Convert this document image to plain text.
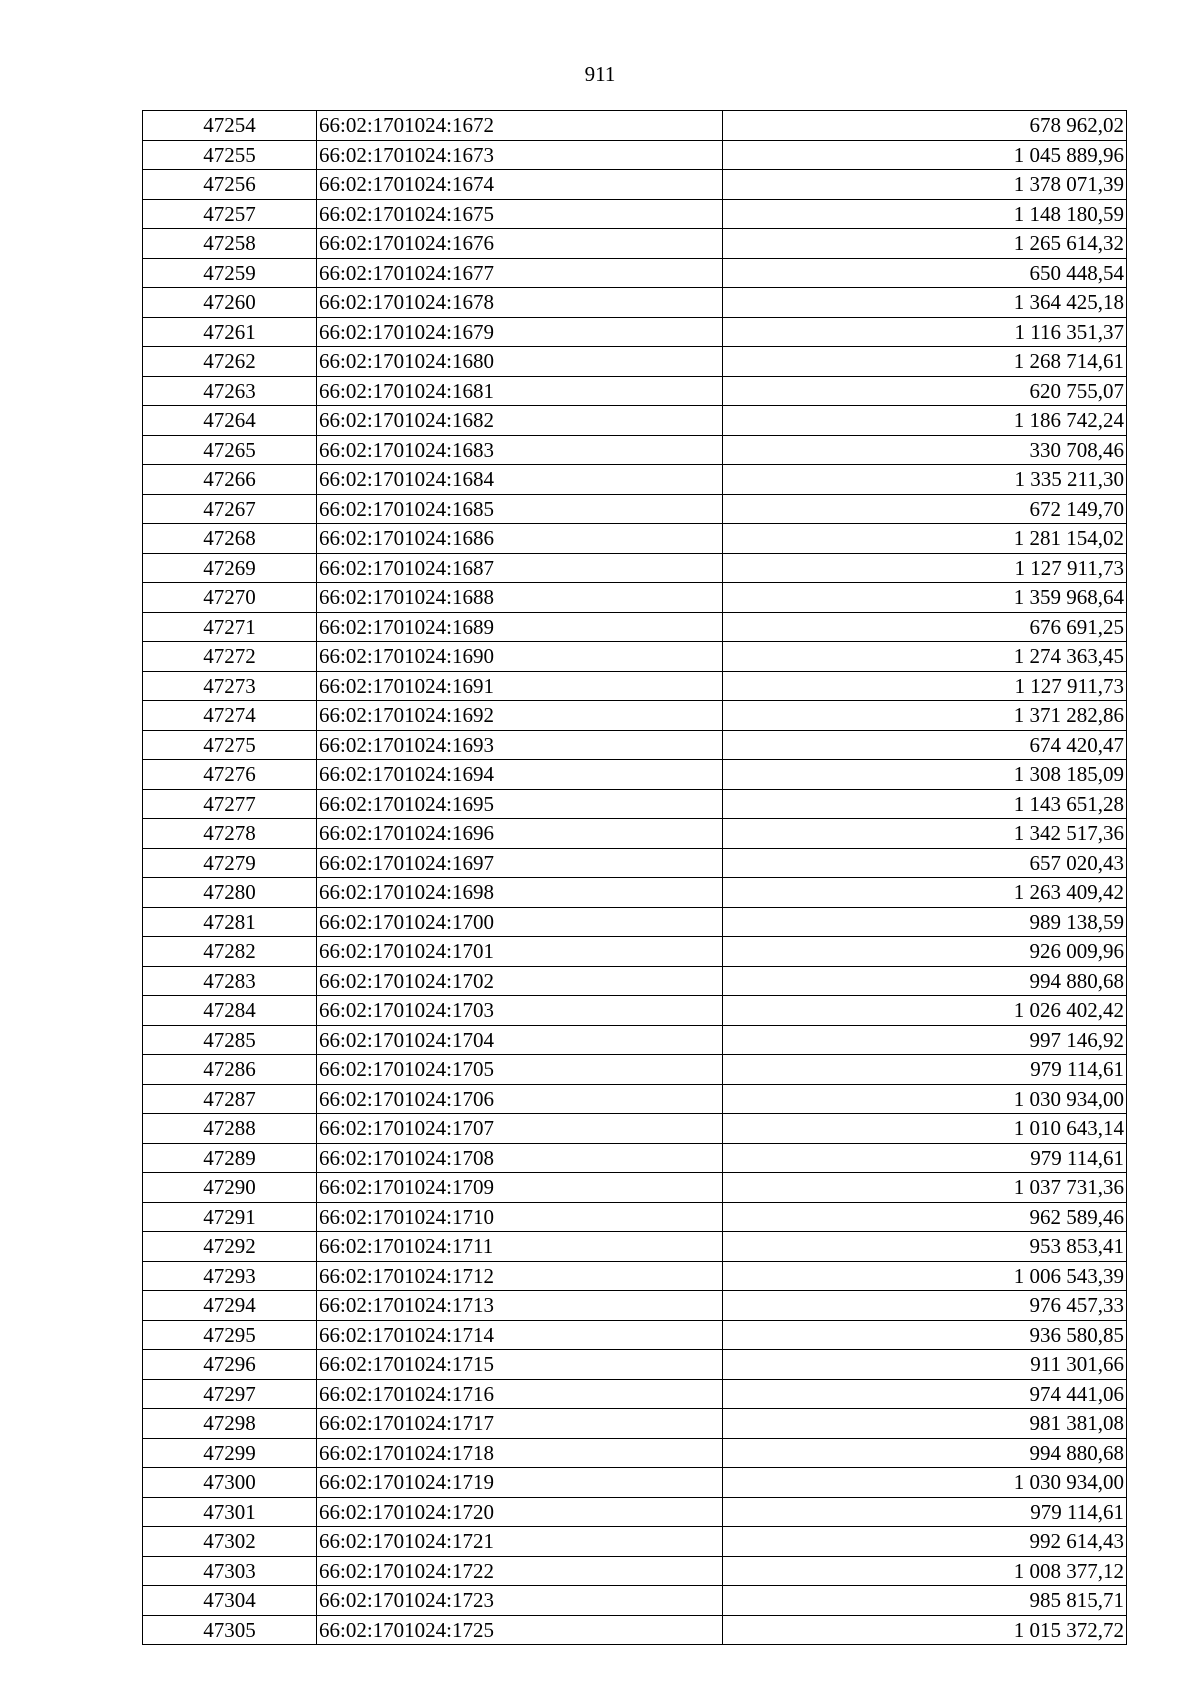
911
47254	66:02:1701024:1672	678 962,02
47255	66:02:1701024:1673	1 045 889,96
47256	66:02:1701024:1674	1 378 071,39
47257	66:02:1701024:1675	1 148 180,59
47258	66:02:1701024:1676	1 265 614,32
47259	66:02:1701024:1677	650 448,54
47260	66:02:1701024:1678	1 364 425,18
47261	66:02:1701024:1679	1 116 351,37
47262	66:02:1701024:1680	1 268 714,61
47263	66:02:1701024:1681	620 755,07
47264	66:02:1701024:1682	1 186 742,24
47265	66:02:1701024:1683	330 708,46
47266	66:02:1701024:1684	1 335 211,30
47267	66:02:1701024:1685	672 149,70
47268	66:02:1701024:1686	1 281 154,02
47269	66:02:1701024:1687	1 127 911,73
47270	66:02:1701024:1688	1 359 968,64
47271	66:02:1701024:1689	676 691,25
47272	66:02:1701024:1690	1 274 363,45
47273	66:02:1701024:1691	1 127 911,73
47274	66:02:1701024:1692	1 371 282,86
47275	66:02:1701024:1693	674 420,47
47276	66:02:1701024:1694	1 308 185,09
47277	66:02:1701024:1695	1 143 651,28
47278	66:02:1701024:1696	1 342 517,36
47279	66:02:1701024:1697	657 020,43
47280	66:02:1701024:1698	1 263 409,42
47281	66:02:1701024:1700	989 138,59
47282	66:02:1701024:1701	926 009,96
47283	66:02:1701024:1702	994 880,68
47284	66:02:1701024:1703	1 026 402,42
47285	66:02:1701024:1704	997 146,92
47286	66:02:1701024:1705	979 114,61
47287	66:02:1701024:1706	1 030 934,00
47288	66:02:1701024:1707	1 010 643,14
47289	66:02:1701024:1708	979 114,61
47290	66:02:1701024:1709	1 037 731,36
47291	66:02:1701024:1710	962 589,46
47292	66:02:1701024:1711	953 853,41
47293	66:02:1701024:1712	1 006 543,39
47294	66:02:1701024:1713	976 457,33
47295	66:02:1701024:1714	936 580,85
47296	66:02:1701024:1715	911 301,66
47297	66:02:1701024:1716	974 441,06
47298	66:02:1701024:1717	981 381,08
47299	66:02:1701024:1718	994 880,68
47300	66:02:1701024:1719	1 030 934,00
47301	66:02:1701024:1720	979 114,61
47302	66:02:1701024:1721	992 614,43
47303	66:02:1701024:1722	1 008 377,12
47304	66:02:1701024:1723	985 815,71
47305	66:02:1701024:1725	1 015 372,72
